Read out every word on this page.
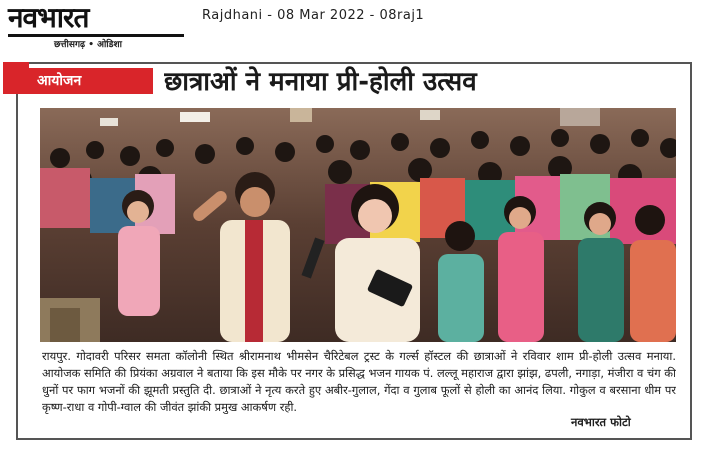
नवभारत
छत्तीसगढ़ • ओडिशा
Rajdhani - 08 Mar 2022 - 08raj1
आयोजन	छात्राओं ने मनाया प्री-होली उत्सव
रायपुर. गोदावरी परिसर समता कॉलोनी स्थित श्रीरामनाथ भीमसेन चैरिटेबल ट्रस्ट के गर्ल्स हॉस्टल की छात्राओं ने रविवार शाम प्री-होली उत्सव मनाया. आयोजक समिति की प्रियंका अग्रवाल ने बताया कि इस मौके पर नगर के प्रसिद्ध भजन गायक पं. लल्लू महाराज द्वारा झांझ, ढपली, नगाड़ा, मंजीरा व चंग की धुनों पर फाग भजनों की झूमती प्रस्तुति दी. छात्राओं ने नृत्य करते हुए अबीर-गुलाल, गेंदा व गुलाब फूलों से होली का आनंद लिया. गोकुल व बरसाना धीम पर कृष्ण-राधा व गोपी-ग्वाल की जीवंत झांकी प्रमुख आकर्षण रही.
नवभारत फोटो
